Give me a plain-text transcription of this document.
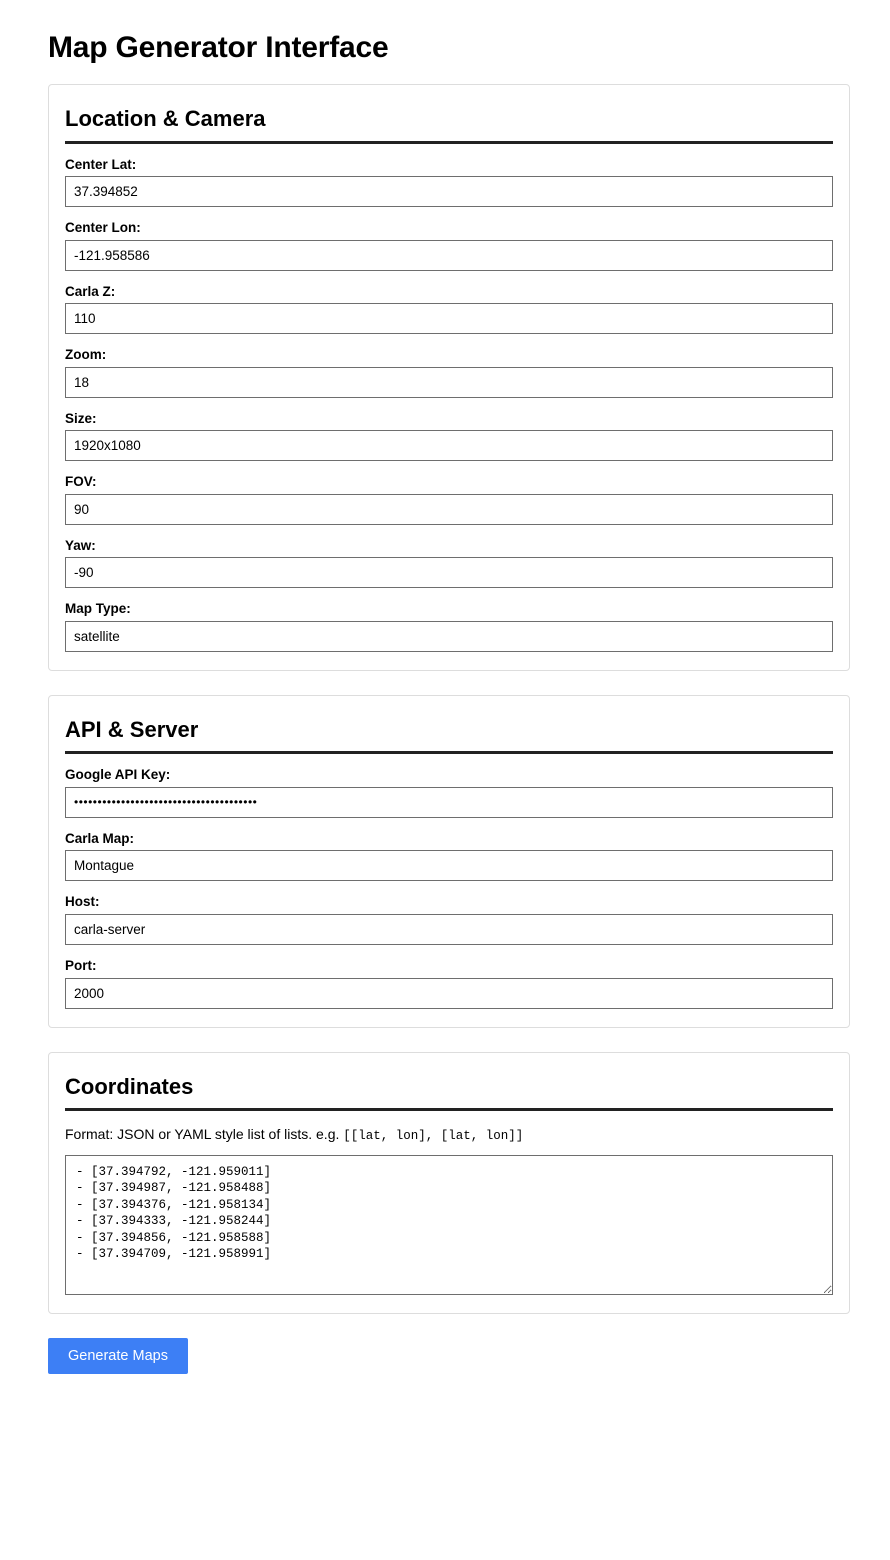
Map Generator Interface
Location & Camera
Center Lat:
37.394852
Center Lon:
-121.958586
Carla Z:
110
Zoom:
18
Size:
1920x1080
FOV:
90
Yaw:
-90
Map Type:
satellite
API & Server
Google API Key:
•••••••••••••••••••••••••••••••••••••••
Carla Map:
Montague
Host:
carla-server
Port:
2000
Coordinates

Format: JSON or YAML style list of lists. e.g. [[lat, lon], [lat, lon]]

- [37.394792, -121.959011] - [37.394987, -121.958488] - [37.394376, -121.958134] - [37.394333, -121.958244] - [37.394856, -121.958588] - [37.394709, -121.958991]
Generate Maps
